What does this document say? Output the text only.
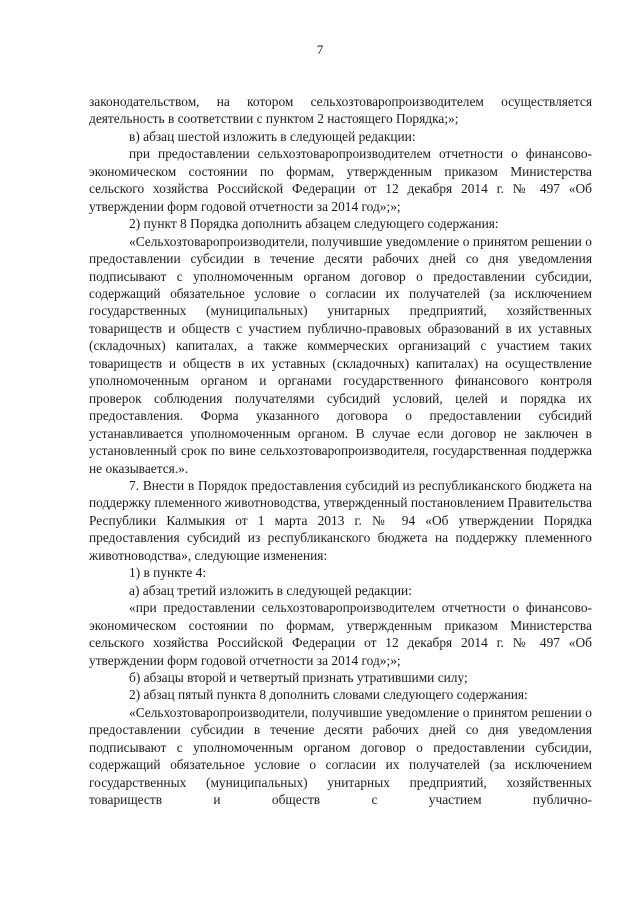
7

законодательством, на котором сельхозтоваропроизводителем осуществляется деятельность в соответствии с пунктом 2 настоящего Порядка;»;

в) абзац шестой изложить в следующей редакции:

при предоставлении сельхозтоваропроизводителем отчетности о финансово-экономическом состоянии по формам, утвержденным приказом Министерства сельского хозяйства Российской Федерации от 12 декабря 2014 г. № 497 «Об утверждении форм годовой отчетности за 2014 год»;»;

2) пункт 8 Порядка дополнить абзацем следующего содержания:

«Сельхозтоваропроизводители, получившие уведомление о принятом решении о предоставлении субсидии в течение десяти рабочих дней со дня уведомления подписывают с уполномоченным органом договор о предоставлении субсидии, содержащий обязательное условие о согласии их получателей (за исключением государственных (муниципальных) унитарных предприятий, хозяйственных товариществ и обществ с участием публично-правовых образований в их уставных (складочных) капиталах, а также коммерческих организаций с участием таких товариществ и обществ в их уставных (складочных) капиталах) на осуществление уполномоченным органом и органами государственного финансового контроля проверок соблюдения получателями субсидий условий, целей и порядка их предоставления. Форма указанного договора о предоставлении субсидий устанавливается уполномоченным органом. В случае если договор не заключен в установленный срок по вине сельхозтоваропроизводителя, государственная поддержка не оказывается.».

7. Внести в Порядок предоставления субсидий из республиканского бюджета на поддержку племенного животноводства, утвержденный постановлением Правительства Республики Калмыкия от 1 марта 2013 г. № 94 «Об утверждении Порядка предоставления субсидий из республиканского бюджета на поддержку племенного животноводства», следующие изменения:

1) в пункте 4:

а) абзац третий изложить в следующей редакции:

«при предоставлении сельхозтоваропроизводителем отчетности о финансово-экономическом состоянии по формам, утвержденным приказом Министерства сельского хозяйства Российской Федерации от 12 декабря 2014 г. № 497 «Об утверждении форм годовой отчетности за 2014 год»;»;

б) абзацы второй и четвертый признать утратившими силу;

2) абзац пятый пункта 8 дополнить словами следующего содержания:

«Сельхозтоваропроизводители, получившие уведомление о принятом решении о предоставлении субсидии в течение десяти рабочих дней со дня уведомления подписывают с уполномоченным органом договор о предоставлении субсидии, содержащий обязательное условие о согласии их получателей (за исключением государственных (муниципальных) унитарных предприятий, хозяйственных товариществ и обществ с участием публично-
